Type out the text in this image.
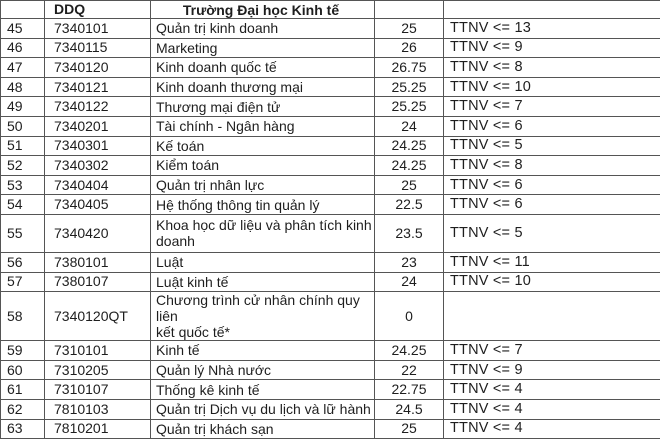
	DDQ	Trường Đại học Kinh tế		
45	7340101	Quản trị kinh doanh	25	TTNV <= 13
46	7340115	Marketing	26	TTNV <= 9
47	7340120	Kinh doanh quốc tế	26.75	TTNV <= 8
48	7340121	Kinh doanh thương mại	25.25	TTNV <= 10
49	7340122	Thương mại điện tử	25.25	TTNV <= 7
50	7340201	Tài chính - Ngân hàng	24	TTNV <= 6
51	7340301	Kế toán	24.25	TTNV <= 5
52	7340302	Kiểm toán	24.25	TTNV <= 8
53	7340404	Quản trị nhân lực	25	TTNV <= 6
54	7340405	Hệ thống thông tin quản lý	22.5	TTNV <= 6
55	7340420	Khoa học dữ liệu và phân tích kinh
doanh	23.5	TTNV <= 5
56	7380101	Luật	23	TTNV <= 11
57	7380107	Luật kinh tế	24	TTNV <= 10
58	7340120QT	Chương trình cử nhân chính quy liên
kết quốc tế*	0	
59	7310101	Kinh tế	24.25	TTNV <= 7
60	7310205	Quản lý Nhà nước	22	TTNV <= 9
61	7310107	Thống kê kinh tế	22.75	TTNV <= 4
62	7810103	Quản trị Dịch vụ du lịch và lữ hành	24.5	TTNV <= 4
63	7810201	Quản trị khách sạn	25	TTNV <= 4
